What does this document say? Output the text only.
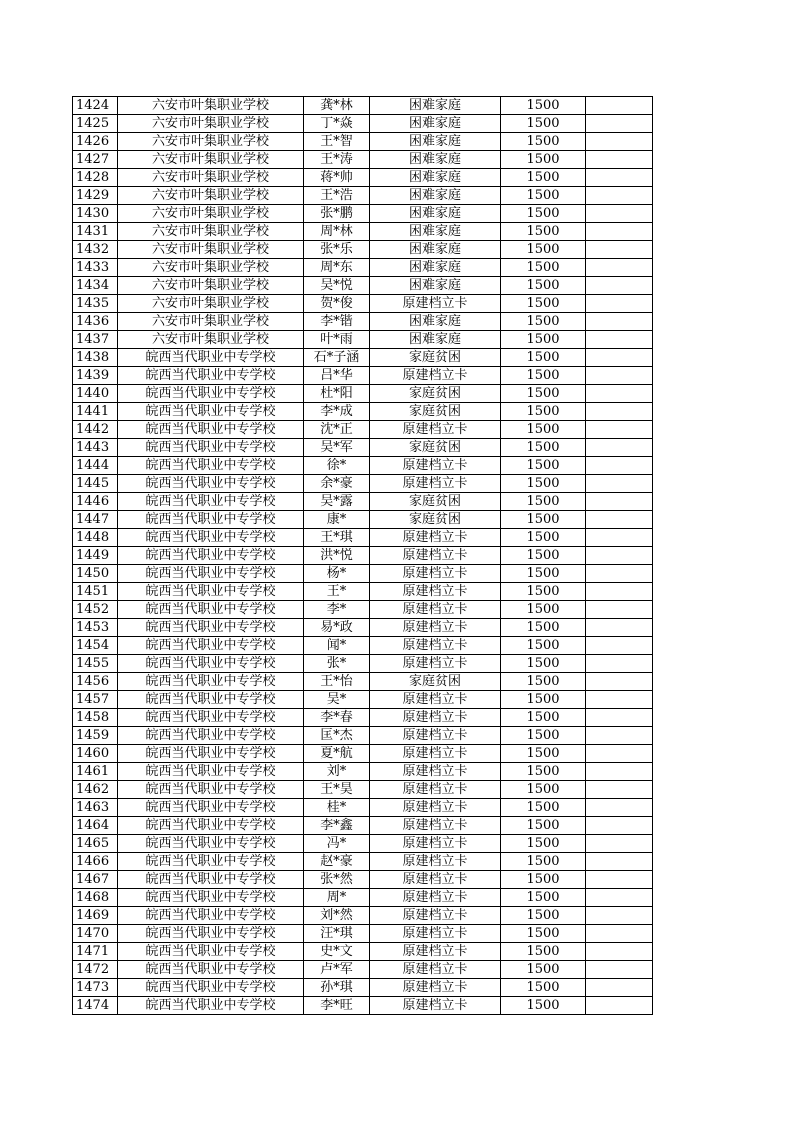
1424	六安市叶集职业学校	龚*林	困难家庭	1500	
1425	六安市叶集职业学校	丁*焱	困难家庭	1500	
1426	六安市叶集职业学校	王*智	困难家庭	1500	
1427	六安市叶集职业学校	王*涛	困难家庭	1500	
1428	六安市叶集职业学校	蒋*帅	困难家庭	1500	
1429	六安市叶集职业学校	王*浩	困难家庭	1500	
1430	六安市叶集职业学校	张*鹏	困难家庭	1500	
1431	六安市叶集职业学校	周*林	困难家庭	1500	
1432	六安市叶集职业学校	张*乐	困难家庭	1500	
1433	六安市叶集职业学校	周*东	困难家庭	1500	
1434	六安市叶集职业学校	吴*悦	困难家庭	1500	
1435	六安市叶集职业学校	贺*俊	原建档立卡	1500	
1436	六安市叶集职业学校	李*锴	困难家庭	1500	
1437	六安市叶集职业学校	叶*雨	困难家庭	1500	
1438	皖西当代职业中专学校	石*子涵	家庭贫困	1500	
1439	皖西当代职业中专学校	吕*华	原建档立卡	1500	
1440	皖西当代职业中专学校	杜*阳	家庭贫困	1500	
1441	皖西当代职业中专学校	李*成	家庭贫困	1500	
1442	皖西当代职业中专学校	沈*正	原建档立卡	1500	
1443	皖西当代职业中专学校	吴*军	家庭贫困	1500	
1444	皖西当代职业中专学校	徐*	原建档立卡	1500	
1445	皖西当代职业中专学校	余*豪	原建档立卡	1500	
1446	皖西当代职业中专学校	吴*露	家庭贫困	1500	
1447	皖西当代职业中专学校	康*	家庭贫困	1500	
1448	皖西当代职业中专学校	王*琪	原建档立卡	1500	
1449	皖西当代职业中专学校	洪*悦	原建档立卡	1500	
1450	皖西当代职业中专学校	杨*	原建档立卡	1500	
1451	皖西当代职业中专学校	王*	原建档立卡	1500	
1452	皖西当代职业中专学校	李*	原建档立卡	1500	
1453	皖西当代职业中专学校	易*政	原建档立卡	1500	
1454	皖西当代职业中专学校	闻*	原建档立卡	1500	
1455	皖西当代职业中专学校	张*	原建档立卡	1500	
1456	皖西当代职业中专学校	王*怡	家庭贫困	1500	
1457	皖西当代职业中专学校	吴*	原建档立卡	1500	
1458	皖西当代职业中专学校	李*春	原建档立卡	1500	
1459	皖西当代职业中专学校	匡*杰	原建档立卡	1500	
1460	皖西当代职业中专学校	夏*航	原建档立卡	1500	
1461	皖西当代职业中专学校	刘*	原建档立卡	1500	
1462	皖西当代职业中专学校	王*昊	原建档立卡	1500	
1463	皖西当代职业中专学校	桂*	原建档立卡	1500	
1464	皖西当代职业中专学校	李*鑫	原建档立卡	1500	
1465	皖西当代职业中专学校	冯*	原建档立卡	1500	
1466	皖西当代职业中专学校	赵*豪	原建档立卡	1500	
1467	皖西当代职业中专学校	张*然	原建档立卡	1500	
1468	皖西当代职业中专学校	周*	原建档立卡	1500	
1469	皖西当代职业中专学校	刘*然	原建档立卡	1500	
1470	皖西当代职业中专学校	汪*琪	原建档立卡	1500	
1471	皖西当代职业中专学校	史*文	原建档立卡	1500	
1472	皖西当代职业中专学校	卢*军	原建档立卡	1500	
1473	皖西当代职业中专学校	孙*琪	原建档立卡	1500	
1474	皖西当代职业中专学校	李*旺	原建档立卡	1500	
